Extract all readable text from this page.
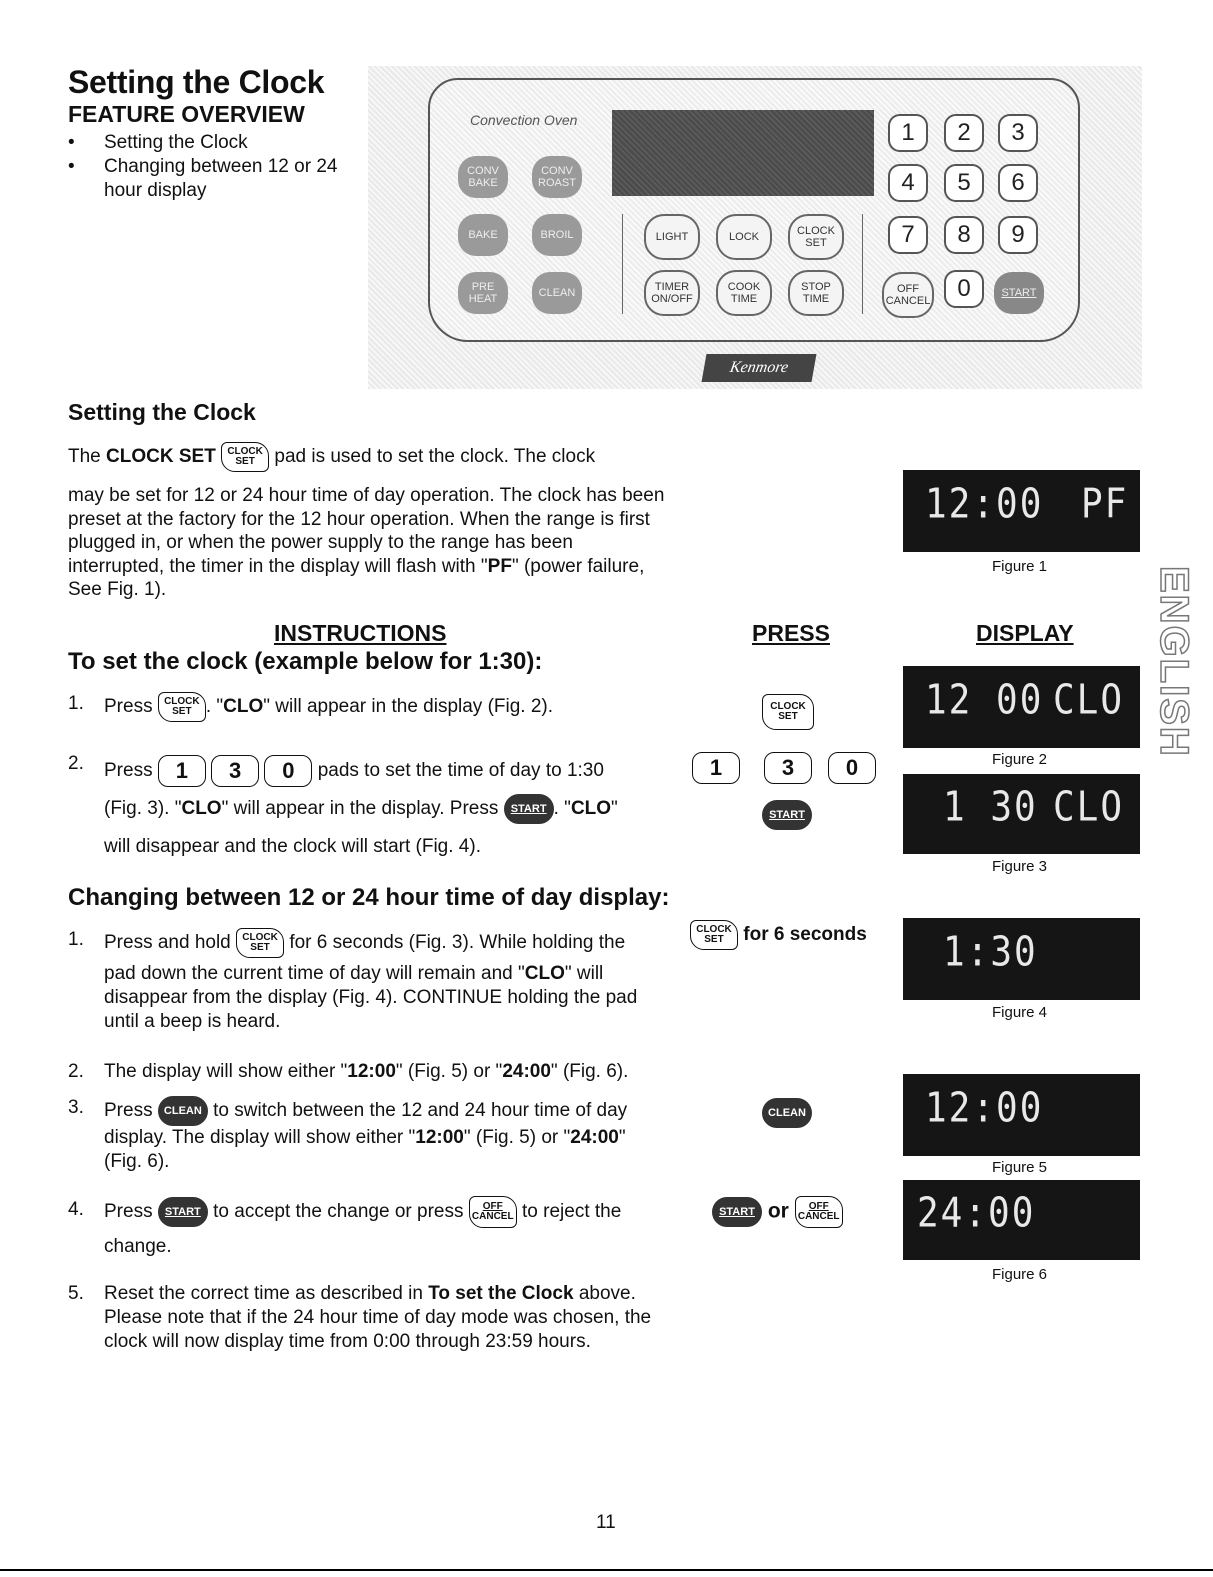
Setting the Clock
FEATURE OVERVIEW
• Setting the Clock
• Changing between 12 or 24
hour display
Convection Oven
CONV BAKE
CONV ROAST
BAKE	BROIL
PRE HEAT	CLEAN
LIGHT	LOCK	CLOCK SET
TIMER ON/OFF
COOK TIME
STOP TIME
1	2	3
4	5	6
7	8	9
OFF CANCEL	0	START
Kenmore
Setting the Clock

The CLOCK SET CLOCK
SET pad is used to set the clock. The clock

may be set for 12 or 24 hour time of day operation. The clock has been preset at the factory for the 12 hour operation. When the range is first plugged in, or when the power supply to the range has been interrupted, the timer in the display will flash with "PF" (power failure, See Fig. 1).

12:00 PF
Figure 1	ENGLISH
INSTRUCTIONS	PRESS	DISPLAY
To set the clock (example below for 1:30):
1. Press CLOCK
SET . "CLO" will appear in the display (Fig. 2).
2. Press 1 3 0 pads to set the time of day to 1:30
(Fig. 3). "CLO" will appear in the display. Press START . "CLO"
will disappear and the clock will start (Fig. 4).
CLOCK
SET
1	3	0
START
12 00 CLO
Figure 2
1 30 CLO
Figure 3
Changing between 12 or 24 hour time of day display:
1. Press and hold CLOCK
SET for 6 seconds (Fig. 3). While holding the
pad down the current time of day will remain and "CLO" will disappear from the display (Fig. 4). CONTINUE holding the pad until a beep is heard.
2. The display will show either "12:00" (Fig. 5) or "24:00" (Fig. 6).
3. Press CLEAN to switch between the 12 and 24 hour time of day
display. The display will show either "12:00" (Fig. 5) or "24:00"
(Fig. 6).
4. Press START to accept the change or press OFF
CANCEL to reject the
change.
5. Reset the correct time as described in To set the Clock above. Please note that if the 24 hour time of day mode was chosen, the clock will now display time from 0:00 through 23:59 hours.
CLOCK
SET for 6 seconds
CLEAN
START or OFF
CANCEL
1:30
Figure 4
12:00
Figure 5
24:00
Figure 6
11
